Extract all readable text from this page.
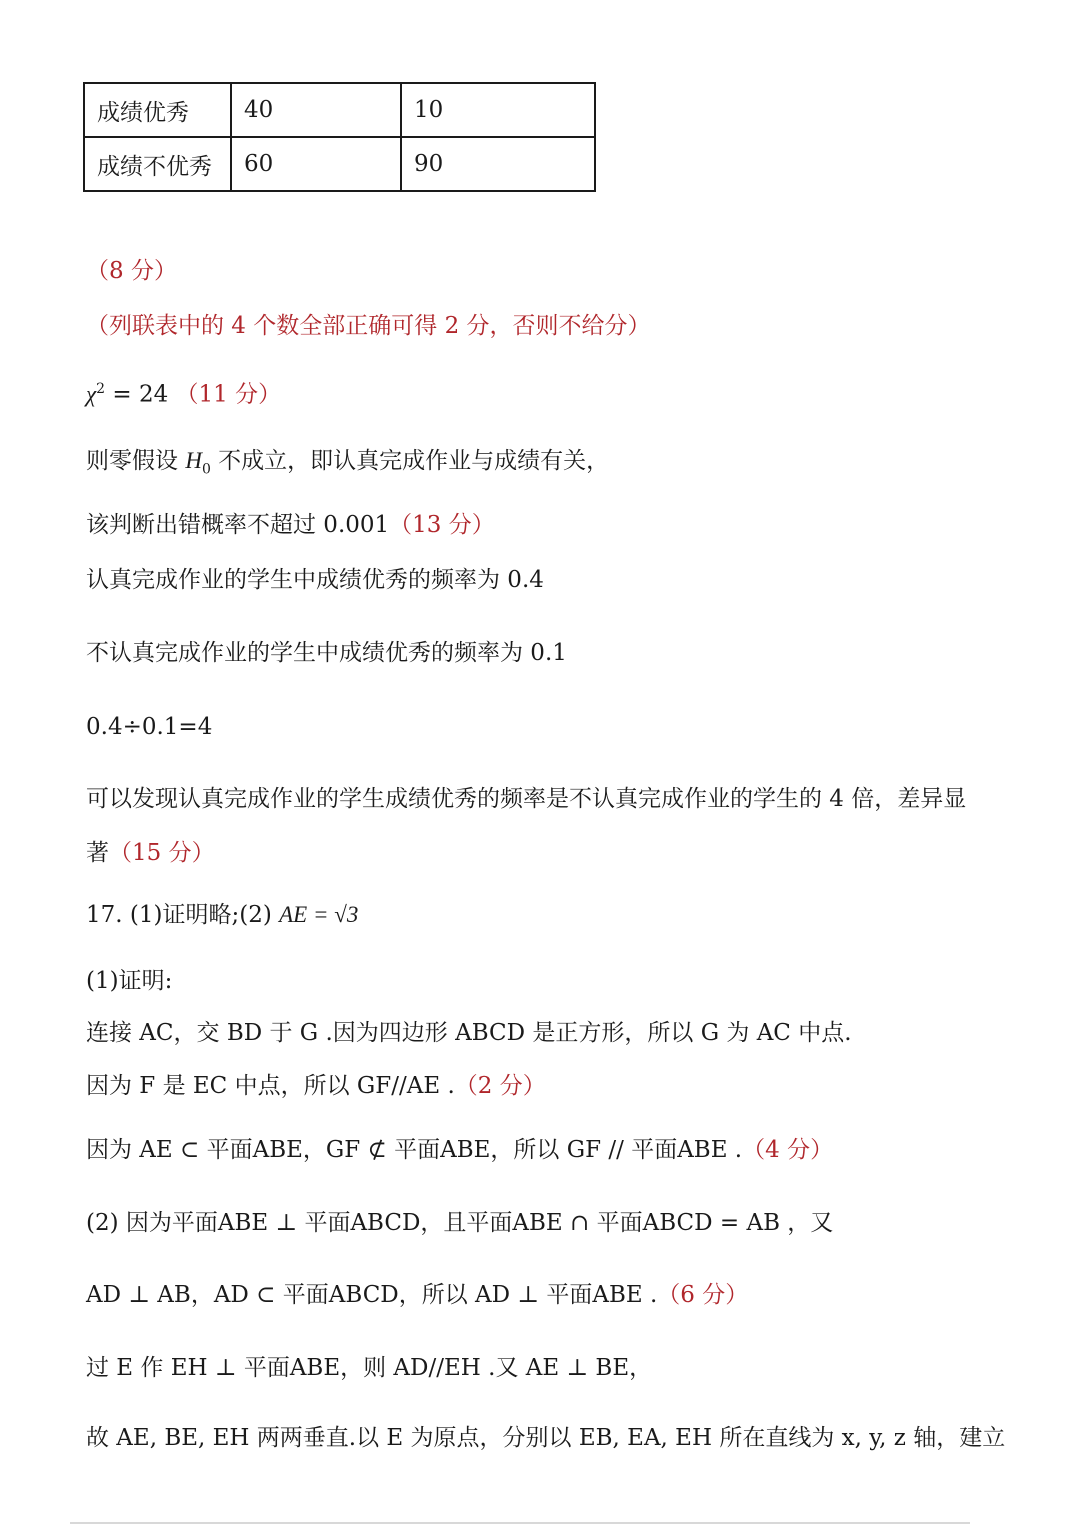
成绩优秀	40	10
成绩不优秀	60	90
（8 分）
（列联表中的 4 个数全部正确可得 2 分，否则不给分）
$\chi^2 = 24$ （11 分）
则零假设 $H_0$ 不成立，即认真完成作业与成绩有关，
该判断出错概率不超过 0.001（13 分）
认真完成作业的学生中成绩优秀的频率为 0.4
不认真完成作业的学生中成绩优秀的频率为 0.1
0.4÷0.1=4
可以发现认真完成作业的学生成绩优秀的频率是不认真完成作业的学生的 4 倍，差异显
著（15 分）
17. (1)证明略;(2) AE = √3
(1)证明:
连接 AC，交 BD 于 G .因为四边形 ABCD 是正方形，所以 G 为 AC 中点.
因为 F 是 EC 中点，所以 GF//AE .（2 分）
因为 AE ⊂ 平面ABE，GF ⊄ 平面ABE，所以 GF // 平面ABE .（4 分）
(2) 因为平面ABE ⊥ 平面ABCD，且平面ABE ∩ 平面ABCD = AB ，又
AD ⊥ AB，AD ⊂ 平面ABCD，所以 AD ⊥ 平面ABE .（6 分）
过 E 作 EH ⊥ 平面ABE，则 AD//EH .又 AE ⊥ BE，
故 AE, BE, EH 两两垂直.以 E 为原点，分别以 EB, EA, EH 所在直线为 x, y, z 轴，建立
